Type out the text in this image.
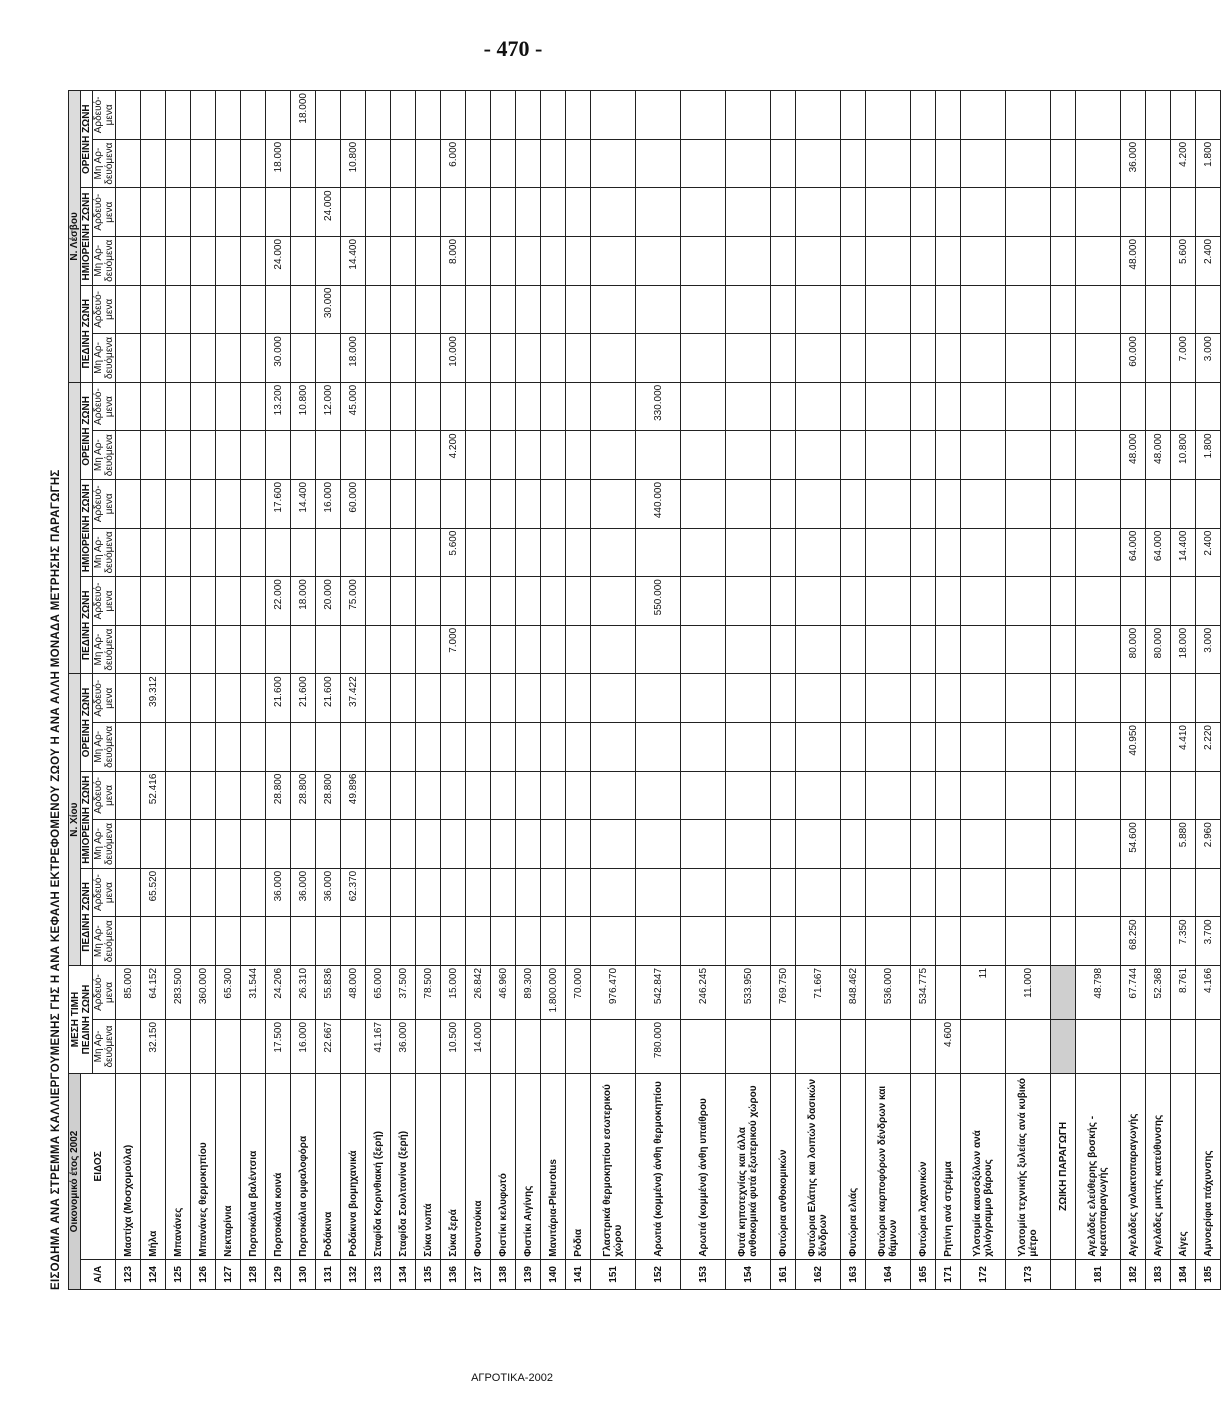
- 470 -
ΕΙΣΟΔΗΜΑ ΑΝΑ ΣΤΡΕΜΜΑ ΚΑΛΛΙΕΡΓΟΥΜΕΝΗΣ ΓΗΣ Η ΑΝΑ ΚΕΦΑΛΗ ΕΚΤΡΕΦΟΜΕΝΟΥ ΖΩΟΥ Η ΑΝΑ ΑΛΛΗ ΜΟΝΑΔΑ ΜΕΤΡΗΣΗΣ ΠΑΡΑΓΩΓΗΣ Οικονομικό έτος 2002		ΜΕΣΗ ΤΙΜΗ ΠΕΔΙΝΗ ΖΩΝΗ		Ν. Χίου												Ν. Λέσβου					
Α/Α	ΕΙΔΟΣ			ΠΕΔΙΝΗ ΖΩΝΗ		ΗΜΙΟΡΕΙΝΗ ΖΩΝΗ		ΟΡΕΙΝΗ ΖΩΝΗ		ΠΕΔΙΝΗ ΖΩΝΗ		ΗΜΙΟΡΕΙΝΗ ΖΩΝΗ		ΟΡΕΙΝΗ ΖΩΝΗ		ΠΕΔΙΝΗ ΖΩΝΗ		ΗΜΙΟΡΕΙΝΗ ΖΩΝΗ		ΟΡΕΙΝΗ ΖΩΝΗ	
		Μη Αρ-δευόμενα	Αρδευό-μενα	Μη Αρ-δευόμενα	Αρδευό-μενα	Μη Αρ-δευόμενα	Αρδευό-μενα	Μη Αρ-δευόμενα	Αρδευό-μενα	Μη Αρ-δευόμενα	Αρδευό-μενα	Μη Αρ-δευόμενα	Αρδευό-μενα	Μη Αρ-δευόμενα	Αρδευό-μενα	Μη Αρ-δευόμενα	Αρδευό-μενα	Μη Αρ-δευόμενα	Αρδευό-μενα	Μη Αρ-δευόμενα	Αρδευό-μενα
123	Μαστίχα (Μοσχομούλα)		85.000																		
124	Μήλα	32.150	64.152		65.520		52.416		39.312												
125	Μπανάνες		283.500																		
126	Μπανάνες θερμοκηπίου		360.000																		
127	Νεκταρίνια		65.300																		
128	Πορτοκάλια βαλέντσια		31.544																		
129	Πορτοκάλια κοινά	17.500	24.206		36.000		28.800		21.600		22.000		17.600		13.200	30.000		24.000		18.000	
130	Πορτοκάλια ομφαλοφόρα	16.000	26.310		36.000		28.800		21.600		18.000		14.400		10.800						18.000
131	Ροδάκινα	22.667	55.836		36.000		28.800		21.600		20.000		16.000		12.000		30.000		24.000		
132	Ροδάκινα βιομηχανικά		48.000		62.370		49.896		37.422		75.000		60.000		45.000	18.000		14.400		10.800	
133	Σταφίδα Κορινθιακή (ξερή)	41.167	65.000																		
134	Σταφίδα Σουλτανίνα (ξερή)	36.000	37.500																		
135	Σύκα νωπά		78.500																		
136	Σύκα ξερά	10.500	15.000							7.000		5.600		4.200		10.000		8.000		6.000	
137	Φουντούκια	14.000	26.842																		
138	Φιστίκι κελυφωτό		46.960																		
139	Φιστίκι Αιγίνης		89.300																		
140	Μανιτάρια-Pleurotus		1.800.000																		
141	Ρόδια		70.000																		
151	Γλαστρικά θερμοκηπίου εσωτερικού χώρου		976.470																		
152	Αρωτιά (κομμένα) άνθη θερμοκηπίου	780.000	542.847								550.000		440.000		330.000						
153	Αρωτιά (κομμένα) άνθη υπαίθρου		246.245																		
154	Φυτά κηποτεχνίας και άλλα ανθοκομικά φυτά εξωτερικού χώρου		533.950																		
161	Φυτώρια ανθοκομικών		769.750																		
162	Φυτώρια Ελάτης και λοιπών δασικών δένδρων		71.667																		
163	Φυτώρια ελιάς		848.462																		
164	Φυτώρια καρποφόρων δένδρων και θάμνων		536.000																		
165	Φυτώρια λαχανικών		534.775																		
171	Ρητίνη ανά στρέμμα	4.600																			
172	Υλοτομία καυσοξύλων ανά χιλιόγραμμο βάρους		11																		
173	Υλοτομία τεχνικής ξυλείας ανά κυβικό μέτρο		11.000																		
	ΖΩΙΚΗ ΠΑΡΑΓΩΓΗ																				
181	Αγελάδες ελεύθερης βοσκής - κρεατοπαραγωγής		48.798																		
182	Αγελάδες γαλακτοπαραγωγής		67.744	68.250		54.600		40.950		80.000		64.000		48.000		60.000		48.000		36.000	
183	Αγελάδες μικτής κατεύθυνσης		52.368							80.000		64.000		48.000							
184	Αίγες		8.761	7.350		5.880		4.410		18.000		14.400		10.800		7.000		5.600		4.200	
185	Αμνοερίφια πάχυνσης		4.166	3.700		2.960		2.220		3.000		2.400		1.800		3.000		2.400		1.800	
ΑΓΡΟΤΙΚΑ-2002
